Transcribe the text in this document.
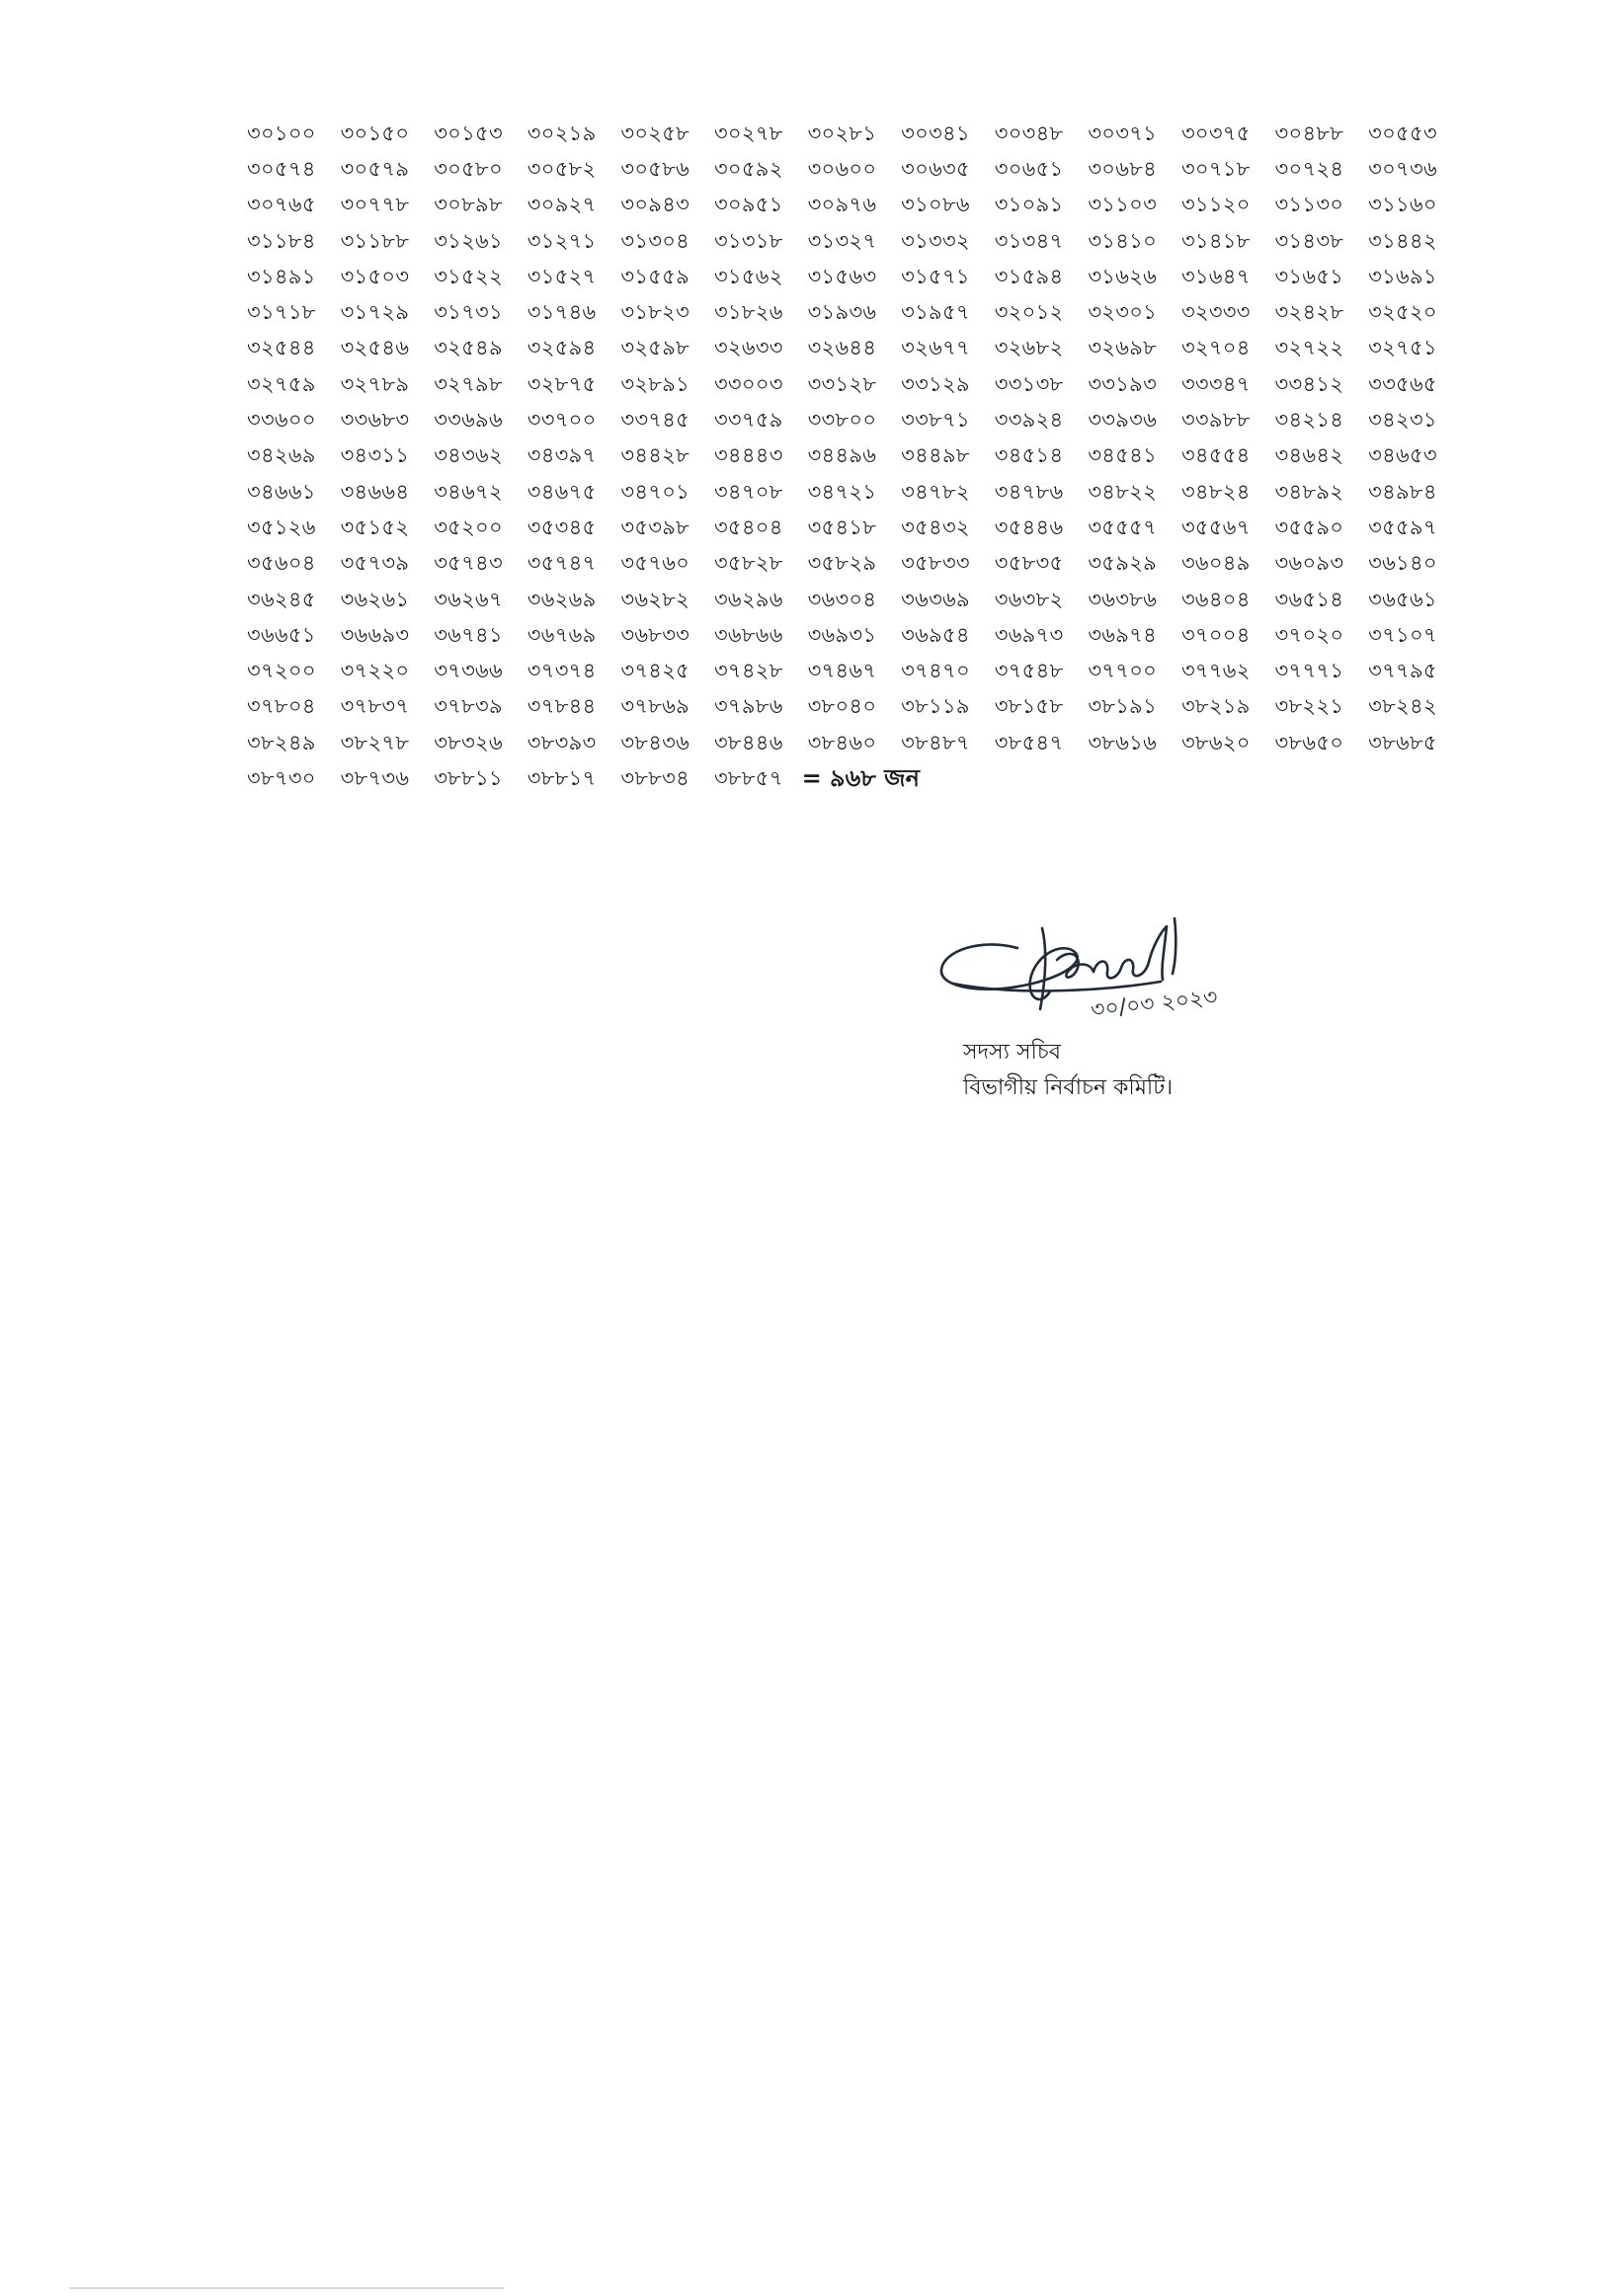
৩০১০০	৩০১৫০	৩০১৫৩	৩০২১৯	৩০২৫৮	৩০২৭৮	৩০২৮১	৩০৩৪১	৩০৩৪৮	৩০৩৭১	৩০৩৭৫	৩০৪৮৮	৩০৫৫৩
৩০৫৭৪	৩০৫৭৯	৩০৫৮০	৩০৫৮২	৩০৫৮৬	৩০৫৯২	৩০৬০০	৩০৬৩৫	৩০৬৫১	৩০৬৮৪	৩০৭১৮	৩০৭২৪	৩০৭৩৬
৩০৭৬৫	৩০৭৭৮	৩০৮৯৮	৩০৯২৭	৩০৯৪৩	৩০৯৫১	৩০৯৭৬	৩১০৮৬	৩১০৯১	৩১১০৩	৩১১২০	৩১১৩০	৩১১৬০
৩১১৮৪	৩১১৮৮	৩১২৬১	৩১২৭১	৩১৩০৪	৩১৩১৮	৩১৩২৭	৩১৩৩২	৩১৩৪৭	৩১৪১০	৩১৪১৮	৩১৪৩৮	৩১৪৪২
৩১৪৯১	৩১৫০৩	৩১৫২২	৩১৫২৭	৩১৫৫৯	৩১৫৬২	৩১৫৬৩	৩১৫৭১	৩১৫৯৪	৩১৬২৬	৩১৬৪৭	৩১৬৫১	৩১৬৯১
৩১৭১৮	৩১৭২৯	৩১৭৩১	৩১৭৪৬	৩১৮২৩	৩১৮২৬	৩১৯৩৬	৩১৯৫৭	৩২০১২	৩২৩০১	৩২৩৩৩	৩২৪২৮	৩২৫২০
৩২৫৪৪	৩২৫৪৬	৩২৫৪৯	৩২৫৯৪	৩২৫৯৮	৩২৬৩৩	৩২৬৪৪	৩২৬৭৭	৩২৬৮২	৩২৬৯৮	৩২৭০৪	৩২৭২২	৩২৭৫১
৩২৭৫৯	৩২৭৮৯	৩২৭৯৮	৩২৮৭৫	৩২৮৯১	৩৩০০৩	৩৩১২৮	৩৩১২৯	৩৩১৩৮	৩৩১৯৩	৩৩৩৪৭	৩৩৪১২	৩৩৫৬৫
৩৩৬০০	৩৩৬৮৩	৩৩৬৯৬	৩৩৭০০	৩৩৭৪৫	৩৩৭৫৯	৩৩৮০০	৩৩৮৭১	৩৩৯২৪	৩৩৯৩৬	৩৩৯৮৮	৩৪২১৪	৩৪২৩১
৩৪২৬৯	৩৪৩১১	৩৪৩৬২	৩৪৩৯৭	৩৪৪২৮	৩৪৪৪৩	৩৪৪৯৬	৩৪৪৯৮	৩৪৫১৪	৩৪৫৪১	৩৪৫৫৪	৩৪৬৪২	৩৪৬৫৩
৩৪৬৬১	৩৪৬৬৪	৩৪৬৭২	৩৪৬৭৫	৩৪৭০১	৩৪৭০৮	৩৪৭২১	৩৪৭৮২	৩৪৭৮৬	৩৪৮২২	৩৪৮২৪	৩৪৮৯২	৩৪৯৮৪
৩৫১২৬	৩৫১৫২	৩৫২০০	৩৫৩৪৫	৩৫৩৯৮	৩৫৪০৪	৩৫৪১৮	৩৫৪৩২	৩৫৪৪৬	৩৫৫৫৭	৩৫৫৬৭	৩৫৫৯০	৩৫৫৯৭
৩৫৬০৪	৩৫৭৩৯	৩৫৭৪৩	৩৫৭৪৭	৩৫৭৬০	৩৫৮২৮	৩৫৮২৯	৩৫৮৩৩	৩৫৮৩৫	৩৫৯২৯	৩৬০৪৯	৩৬০৯৩	৩৬১৪০
৩৬২৪৫	৩৬২৬১	৩৬২৬৭	৩৬২৬৯	৩৬২৮২	৩৬২৯৬	৩৬৩০৪	৩৬৩৬৯	৩৬৩৮২	৩৬৩৮৬	৩৬৪০৪	৩৬৫১৪	৩৬৫৬১
৩৬৬৫১	৩৬৬৯৩	৩৬৭৪১	৩৬৭৬৯	৩৬৮৩৩	৩৬৮৬৬	৩৬৯৩১	৩৬৯৫৪	৩৬৯৭৩	৩৬৯৭৪	৩৭০০৪	৩৭০২০	৩৭১০৭
৩৭২০০	৩৭২২০	৩৭৩৬৬	৩৭৩৭৪	৩৭৪২৫	৩৭৪২৮	৩৭৪৬৭	৩৭৪৭০	৩৭৫৪৮	৩৭৭০০	৩৭৭৬২	৩৭৭৭১	৩৭৭৯৫
৩৭৮০৪	৩৭৮৩৭	৩৭৮৩৯	৩৭৮৪৪	৩৭৮৬৯	৩৭৯৮৬	৩৮০৪০	৩৮১১৯	৩৮১৫৮	৩৮১৯১	৩৮২১৯	৩৮২২১	৩৮২৪২
৩৮২৪৯	৩৮২৭৮	৩৮৩২৬	৩৮৩৯৩	৩৮৪৩৬	৩৮৪৪৬	৩৮৪৬০	৩৮৪৮৭	৩৮৫৪৭	৩৮৬১৬	৩৮৬২০	৩৮৬৫০	৩৮৬৮৫
৩৮৭৩০	৩৮৭৩৬	৩৮৮১১	৩৮৮১৭	৩৮৮৩৪	৩৮৮৫৭ = ৯৬৮ জন
৩০/০৩ ২০২৩
সদস্য সচিব
বিভাগীয় নির্বাচন কমিটি।
